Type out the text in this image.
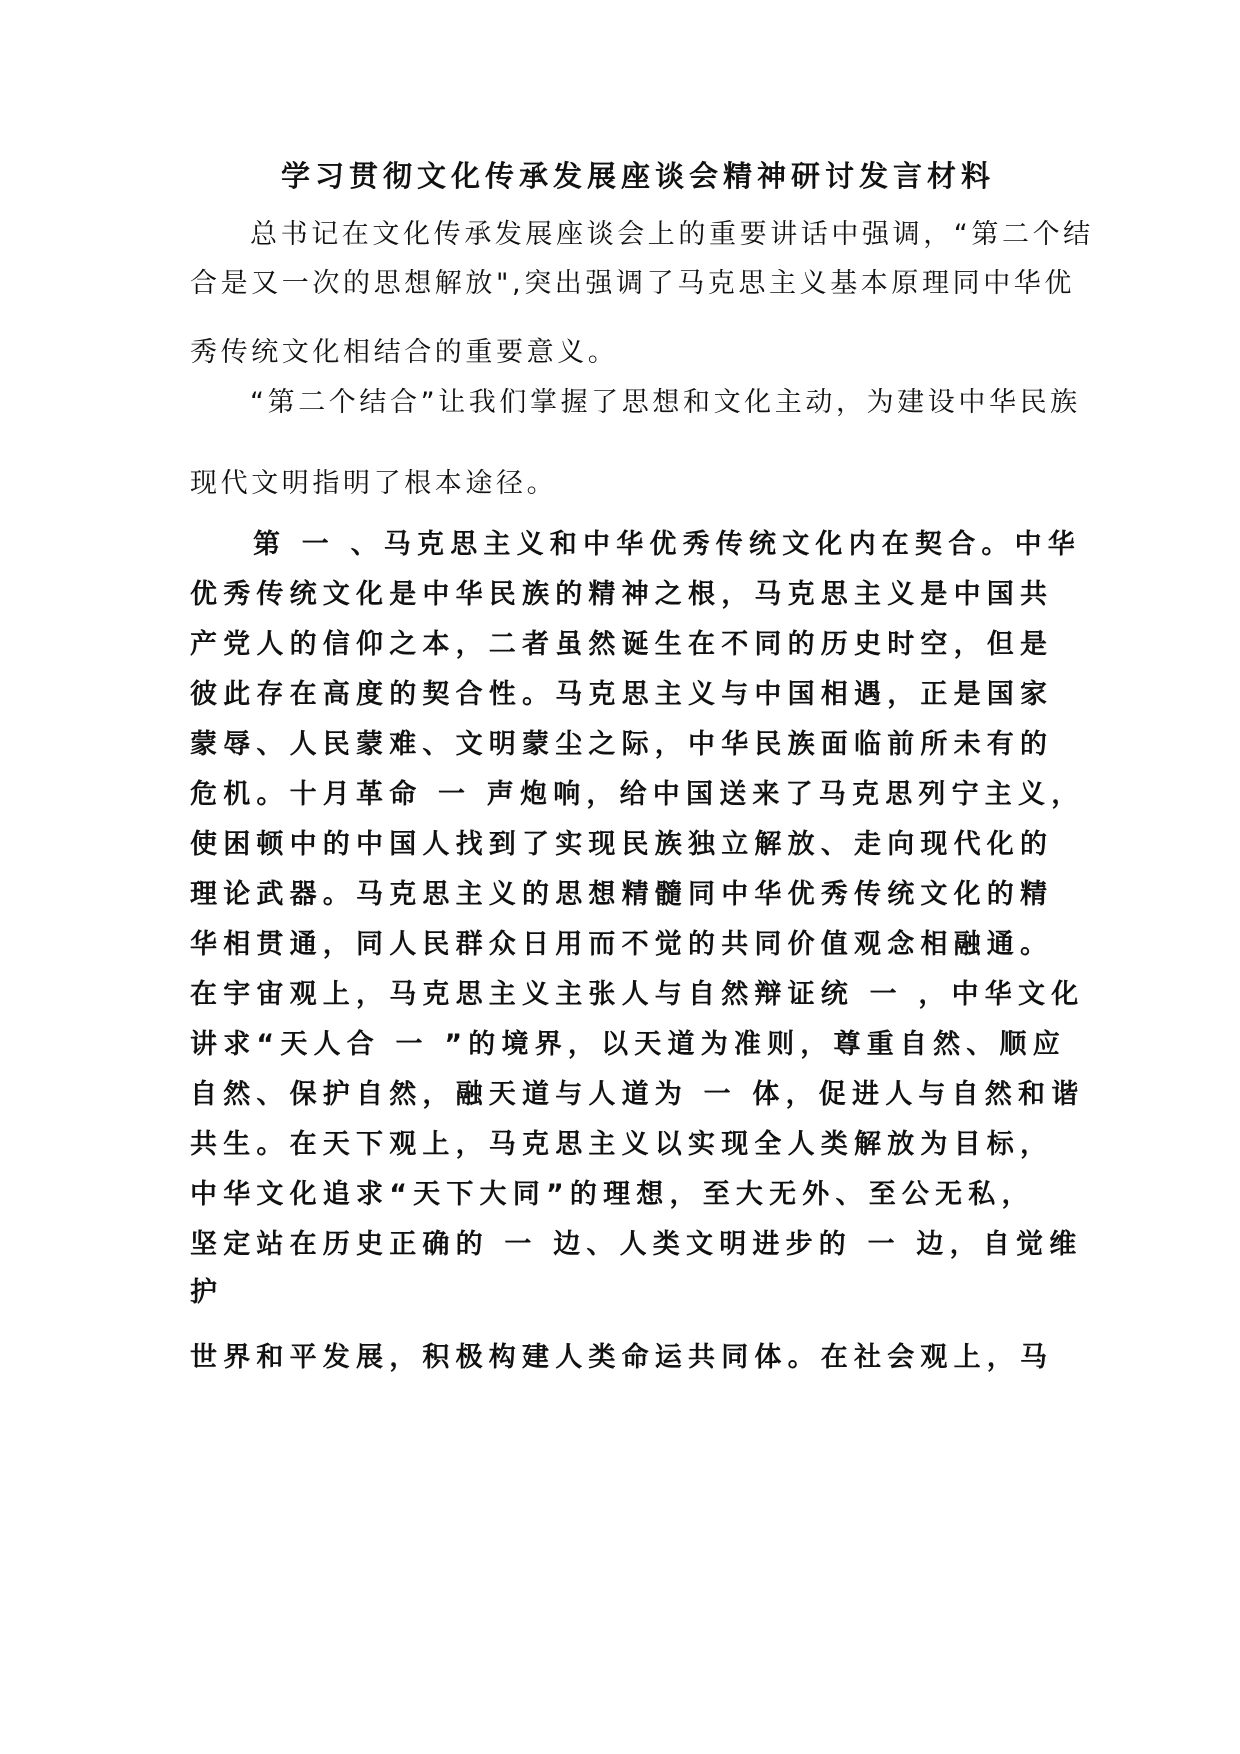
学习贯彻文化传承发展座谈会精神研讨发言材料
总书记在文化传承发展座谈会上的重要讲话中强调，“第二个结
合是又一次的思想解放",突出强调了马克思主义基本原理同中华优
秀传统文化相结合的重要意义。
“第二个结合”让我们掌握了思想和文化主动，为建设中华民族
现代文明指明了根本途径。
第 一 、马克思主义和中华优秀传统文化内在契合。中华
优秀传统文化是中华民族的精神之根，马克思主义是中国共
产党人的信仰之本，二者虽然诞生在不同的历史时空，但是
彼此存在高度的契合性。马克思主义与中国相遇，正是国家
蒙辱、人民蒙难、文明蒙尘之际，中华民族面临前所未有的
危机。十月革命 一 声炮响，给中国送来了马克思列宁主义，
使困顿中的中国人找到了实现民族独立解放、走向现代化的
理论武器。马克思主义的思想精髓同中华优秀传统文化的精
华相贯通，同人民群众日用而不觉的共同价值观念相融通。
在宇宙观上，马克思主义主张人与自然辩证统 一 ，中华文化
讲求“天人合 一 ”的境界，以天道为准则，尊重自然、顺应
自然、保护自然，融天道与人道为 一 体，促进人与自然和谐
共生。在天下观上，马克思主义以实现全人类解放为目标，
中华文化追求“天下大同”的理想，至大无外、至公无私，
坚定站在历史正确的 一 边、人类文明进步的 一 边，自觉维
护
世界和平发展，积极构建人类命运共同体。在社会观上，马
